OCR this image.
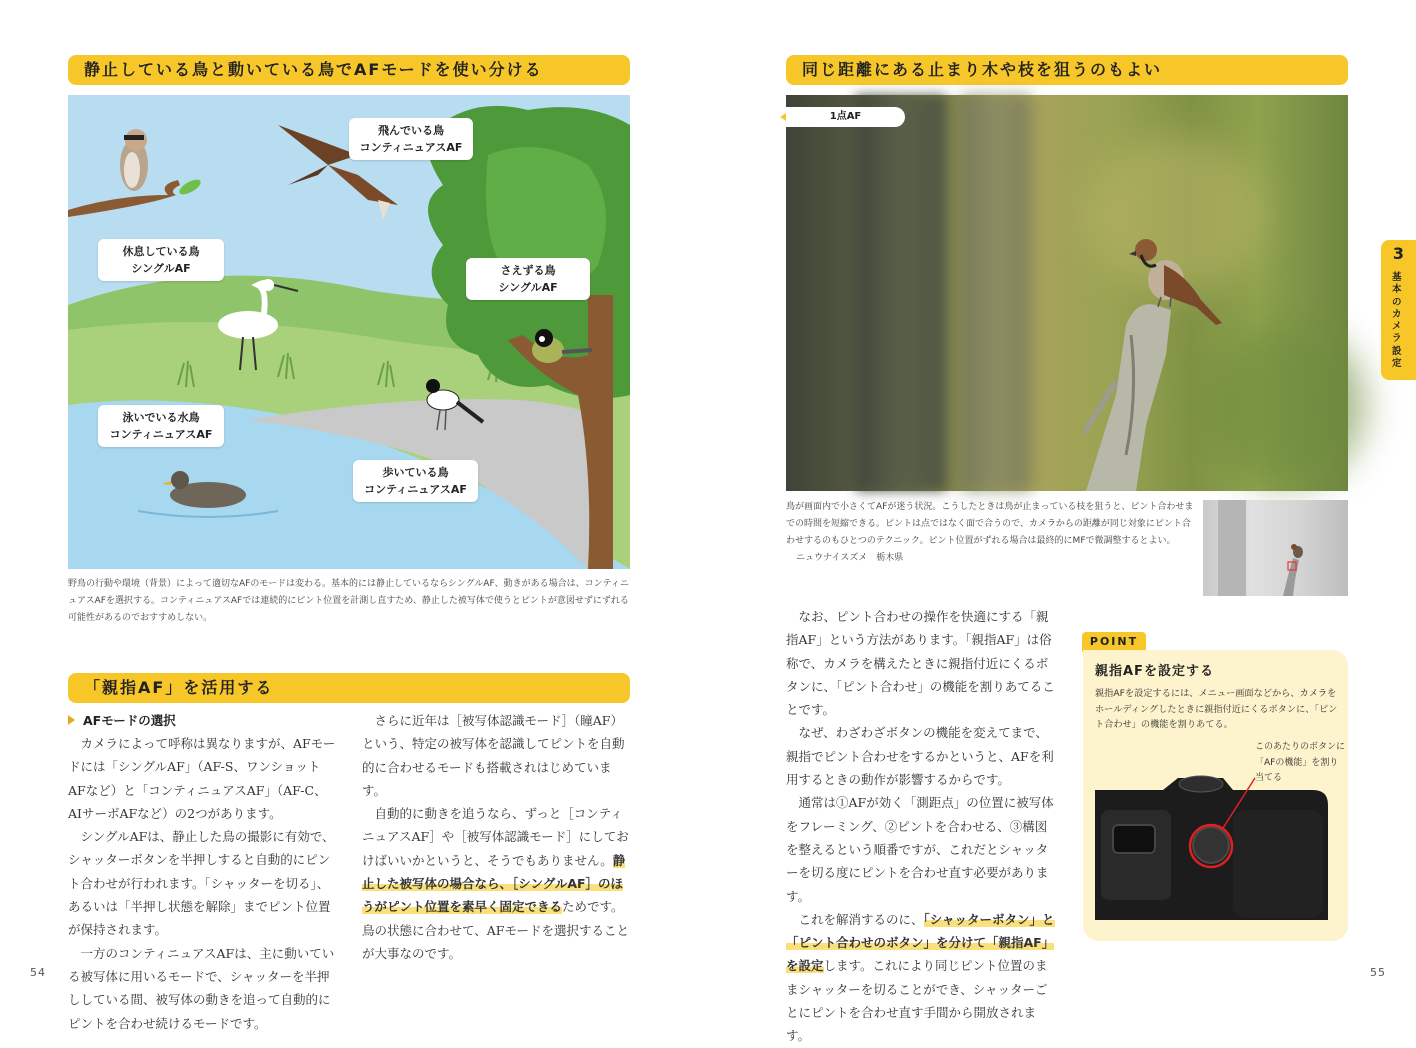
静止している鳥と動いている鳥でAFモードを使い分ける
飛んでいる鳥
コンティニュアスAF
休息している鳥
シングルAF	さえずる鳥
シングルAF
泳いでいる水鳥
コンティニュアスAF
歩いている鳥
コンティニュアスAF
野鳥の行動や環境（背景）によって適切なAFのモードは変わる。基本的には静止しているならシングルAF、動きがある場合は、コンティニュアスAFを選択する。コンティニュアスAFでは連続的にピント位置を計測し直すため、静止した被写体で使うとピントが意図せずにずれる可能性があるのでおすすめしない。
「親指AF」を活用する
AFモードの選択

カメラによって呼称は異なりますが、AFモードには「シングルAF」（AF-S、ワンショットAFなど）と「コンティニュアスAF」（AF-C、AIサーボAFなど）の2つがあります。

シングルAFは、静止した鳥の撮影に有効で、シャッターボタンを半押しすると自動的にピント合わせが行われます。「シャッターを切る」、あるいは「半押し状態を解除」までピント位置が保持されます。

一方のコンティニュアスAFは、主に動いている被写体に用いるモードで、シャッターを半押ししている間、被写体の動きを追って自動的にピントを合わせ続けるモードです。

さらに近年は［被写体認識モード］（瞳AF）という、特定の被写体を認識してピントを自動的に合わせるモードも搭載されはじめています。

自動的に動きを追うなら、ずっと［コンティニュアスAF］や［被写体認識モード］にしておけばいいかというと、そうでもありません。静止した被写体の場合なら、［シングルAF］のほうがピント位置を素早く固定できるためです。鳥の状態に合わせて、AFモードを選択することが大事なのです。

54
同じ距離にある止まり木や枝を狙うのもよい
1点AF
鳥が画面内で小さくてAFが迷う状況。こうしたときは鳥が止まっている枝を狙うと、ピント合わせまでの時間を短縮できる。ピントは点ではなく面で合うので、カメラからの距離が同じ対象にピント合わせするのもひとつのテクニック。ピント位置がずれる場合は最終的にMFで微調整するとよい。
ニュウナイスズメ　栃木県

なお、ピント合わせの操作を快適にする「親指AF」という方法があります。「親指AF」は俗称で、カメラを構えたときに親指付近にくるボタンに、「ピント合わせ」の機能を割りあてることです。

なぜ、わざわざボタンの機能を変えてまで、親指でピント合わせをするかというと、AFを利用するときの動作が影響するからです。

通常は①AFが効く「測距点」の位置に被写体をフレーミング、②ピントを合わせる、③構図を整えるという順番ですが、これだとシャッターを切る度にピントを合わせ直す必要があります。

これを解消するのに、「シャッターボタン」と「ピント合わせのボタン」を分けて「親指AF」を設定します。これにより同じピント位置のままシャッターを切ることができ、シャッターごとにピントを合わせ直す手間から開放されます。

POINT
親指AFを設定する
親指AFを設定するには、メニュー画面などから、カメラをホールディングしたときに親指付近にくるボタンに、「ピント合わせ」の機能を割りあてる。
このあたりのボタンに「AFの機能」を割り当てる
3
基本のカメラ設定
55
